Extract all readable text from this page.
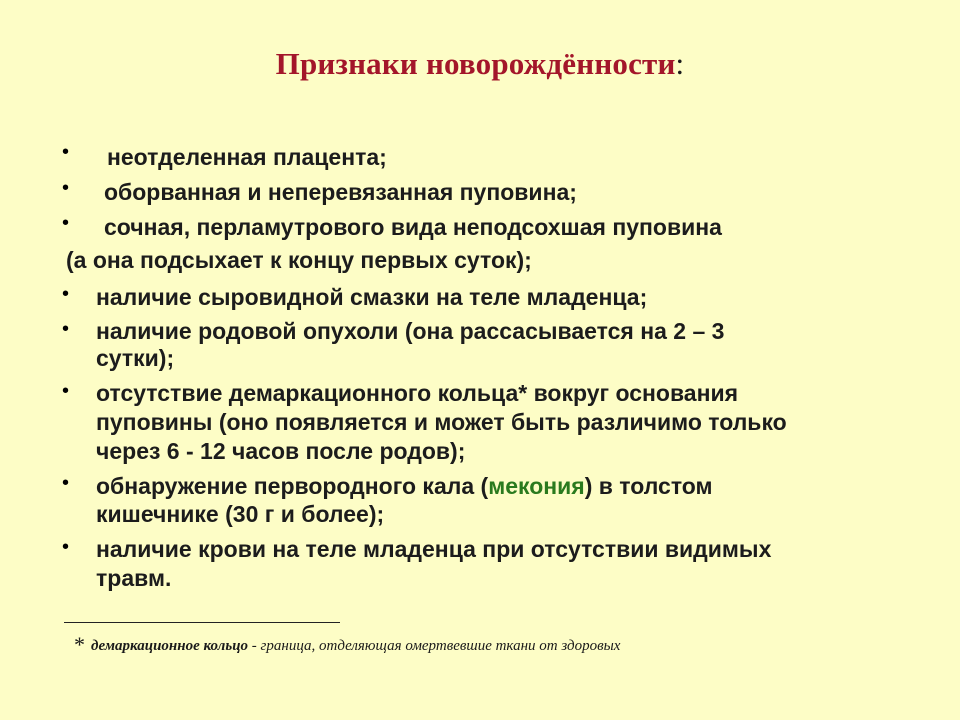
Признаки новорождённости:
•
•
•
•
•
•
•
•
неотделенная плацента;
оборванная и неперевязанная пуповина;
сочная, перламутрового вида неподсохшая пуповина
(а она подсыхает к концу первых суток);
наличие сыровидной смазки на теле младенца;
наличие родовой опухоли (она рассасывается на 2 – 3
сутки);
отсутствие демаркационного кольца* вокруг основания
пуповины (оно появляется и может быть различимо только
через 6 - 12 часов после родов);
обнаружение первородного кала (мекония) в толстом
кишечнике (30 г и более);
наличие крови на теле младенца при отсутствии видимых
травм.
* демаркационное кольцо - граница, отделяющая омертвевшие ткани от здоровых
